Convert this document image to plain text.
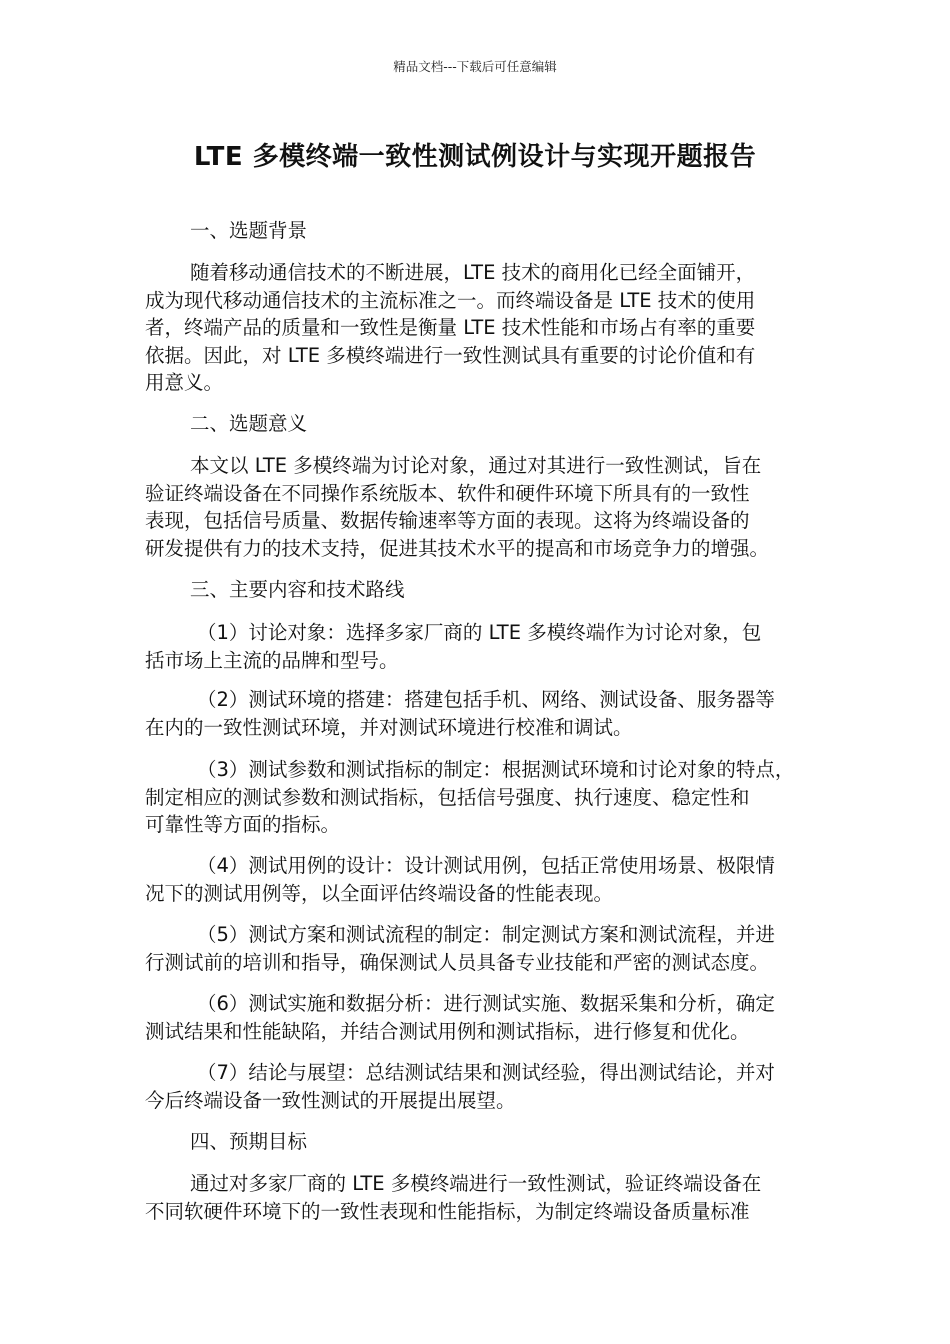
精品文档---下载后可任意编辑
LTE 多模终端一致性测试例设计与实现开题报告
一、选题背景
随着移动通信技术的不断进展，LTE 技术的商用化已经全面铺开，
成为现代移动通信技术的主流标准之一。而终端设备是 LTE 技术的使用
者，终端产品的质量和一致性是衡量 LTE 技术性能和市场占有率的重要
依据。因此，对 LTE 多模终端进行一致性测试具有重要的讨论价值和有
用意义。
二、选题意义
本文以 LTE 多模终端为讨论对象，通过对其进行一致性测试，旨在
验证终端设备在不同操作系统版本、软件和硬件环境下所具有的一致性
表现，包括信号质量、数据传输速率等方面的表现。这将为终端设备的
研发提供有力的技术支持，促进其技术水平的提高和市场竞争力的增强。
三、主要内容和技术路线
（1）讨论对象：选择多家厂商的 LTE 多模终端作为讨论对象，包
括市场上主流的品牌和型号。
（2）测试环境的搭建：搭建包括手机、网络、测试设备、服务器等
在内的一致性测试环境，并对测试环境进行校准和调试。
（3）测试参数和测试指标的制定：根据测试环境和讨论对象的特点，
制定相应的测试参数和测试指标，包括信号强度、执行速度、稳定性和
可靠性等方面的指标。
（4）测试用例的设计：设计测试用例，包括正常使用场景、极限情
况下的测试用例等，以全面评估终端设备的性能表现。
（5）测试方案和测试流程的制定：制定测试方案和测试流程，并进
行测试前的培训和指导，确保测试人员具备专业技能和严密的测试态度。
（6）测试实施和数据分析：进行测试实施、数据采集和分析，确定
测试结果和性能缺陷，并结合测试用例和测试指标，进行修复和优化。
（7）结论与展望：总结测试结果和测试经验，得出测试结论，并对
今后终端设备一致性测试的开展提出展望。
四、预期目标
通过对多家厂商的 LTE 多模终端进行一致性测试，验证终端设备在
不同软硬件环境下的一致性表现和性能指标，为制定终端设备质量标准
